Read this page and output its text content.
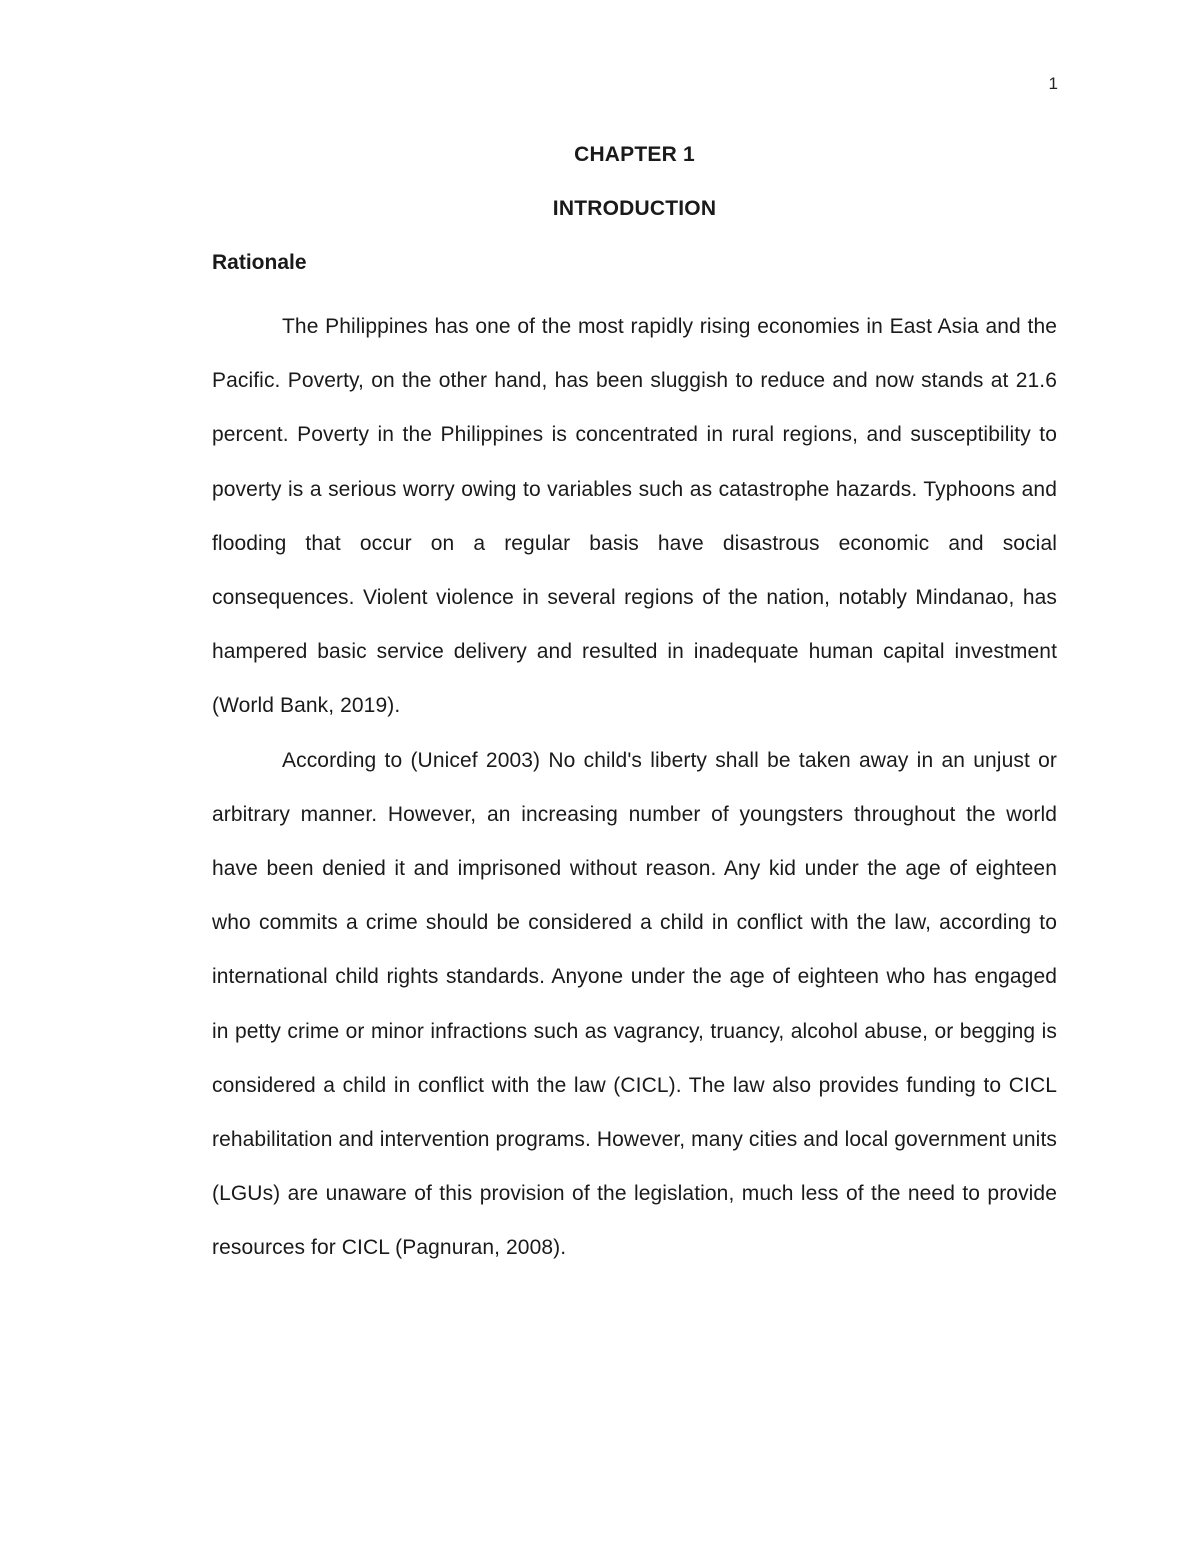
1
CHAPTER 1
INTRODUCTION
Rationale

The Philippines has one of the most rapidly rising economies in East Asia and the Pacific. Poverty, on the other hand, has been sluggish to reduce and now stands at 21.6 percent. Poverty in the Philippines is concentrated in rural regions, and susceptibility to poverty is a serious worry owing to variables such as catastrophe hazards. Typhoons and flooding that occur on a regular basis have disastrous economic and social consequences. Violent violence in several regions of the nation, notably Mindanao, has hampered basic service delivery and resulted in inadequate human capital investment (World Bank, 2019).

According to (Unicef 2003) No child's liberty shall be taken away in an unjust or arbitrary manner. However, an increasing number of youngsters throughout the world have been denied it and imprisoned without reason. Any kid under the age of eighteen who commits a crime should be considered a child in conflict with the law, according to international child rights standards. Anyone under the age of eighteen who has engaged in petty crime or minor infractions such as vagrancy, truancy, alcohol abuse, or begging is considered a child in conflict with the law (CICL). The law also provides funding to CICL rehabilitation and intervention programs. However, many cities and local government units (LGUs) are unaware of this provision of the legislation, much less of the need to provide resources for CICL (Pagnuran, 2008).
